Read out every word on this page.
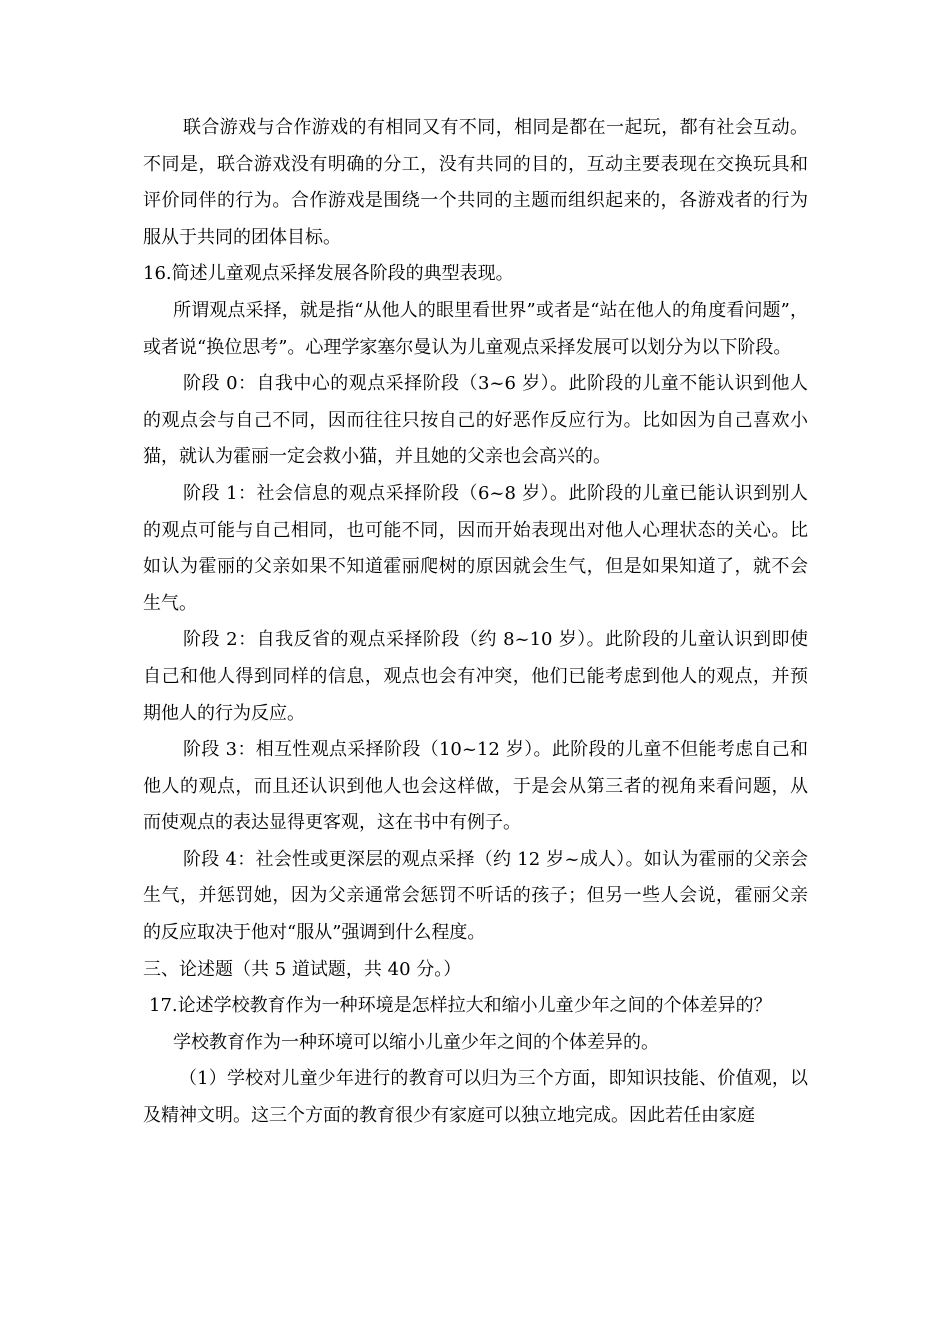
联合游戏与合作游戏的有相同又有不同，相同是都在一起玩，都有社会互动。不同是，联合游戏没有明确的分工，没有共同的目的，互动主要表现在交换玩具和评价同伴的行为。合作游戏是围绕一个共同的主题而组织起来的，各游戏者的行为服从于共同的团体目标。

16.简述儿童观点采择发展各阶段的典型表现。

所谓观点采择，就是指“从他人的眼里看世界”或者是“站在他人的角度看问题”，或者说“换位思考”。心理学家塞尔曼认为儿童观点采择发展可以划分为以下阶段。

阶段 0：自我中心的观点采择阶段（3~6 岁）。此阶段的儿童不能认识到他人的观点会与自己不同，因而往往只按自己的好恶作反应行为。比如因为自己喜欢小猫，就认为霍丽一定会救小猫，并且她的父亲也会高兴的。

阶段 1：社会信息的观点采择阶段（6~8 岁）。此阶段的儿童已能认识到别人的观点可能与自己相同，也可能不同，因而开始表现出对他人心理状态的关心。比如认为霍丽的父亲如果不知道霍丽爬树的原因就会生气，但是如果知道了，就不会生气。

阶段 2：自我反省的观点采择阶段（约 8~10 岁）。此阶段的儿童认识到即使自己和他人得到同样的信息，观点也会有冲突，他们已能考虑到他人的观点，并预期他人的行为反应。

阶段 3：相互性观点采择阶段（10~12 岁）。此阶段的儿童不但能考虑自己和他人的观点，而且还认识到他人也会这样做，于是会从第三者的视角来看问题，从而使观点的表达显得更客观，这在书中有例子。

阶段 4：社会性或更深层的观点采择（约 12 岁~成人）。如认为霍丽的父亲会生气，并惩罚她，因为父亲通常会惩罚不听话的孩子；但另一些人会说，霍丽父亲的反应取决于他对“服从”强调到什么程度。

三、论述题（共 5 道试题，共 40 分。）

17.论述学校教育作为一种环境是怎样拉大和缩小儿童少年之间的个体差异的？

学校教育作为一种环境可以缩小儿童少年之间的个体差异的。

（1）学校对儿童少年进行的教育可以归为三个方面，即知识技能、价值观，以及精神文明。这三个方面的教育很少有家庭可以独立地完成。因此若任由家庭
